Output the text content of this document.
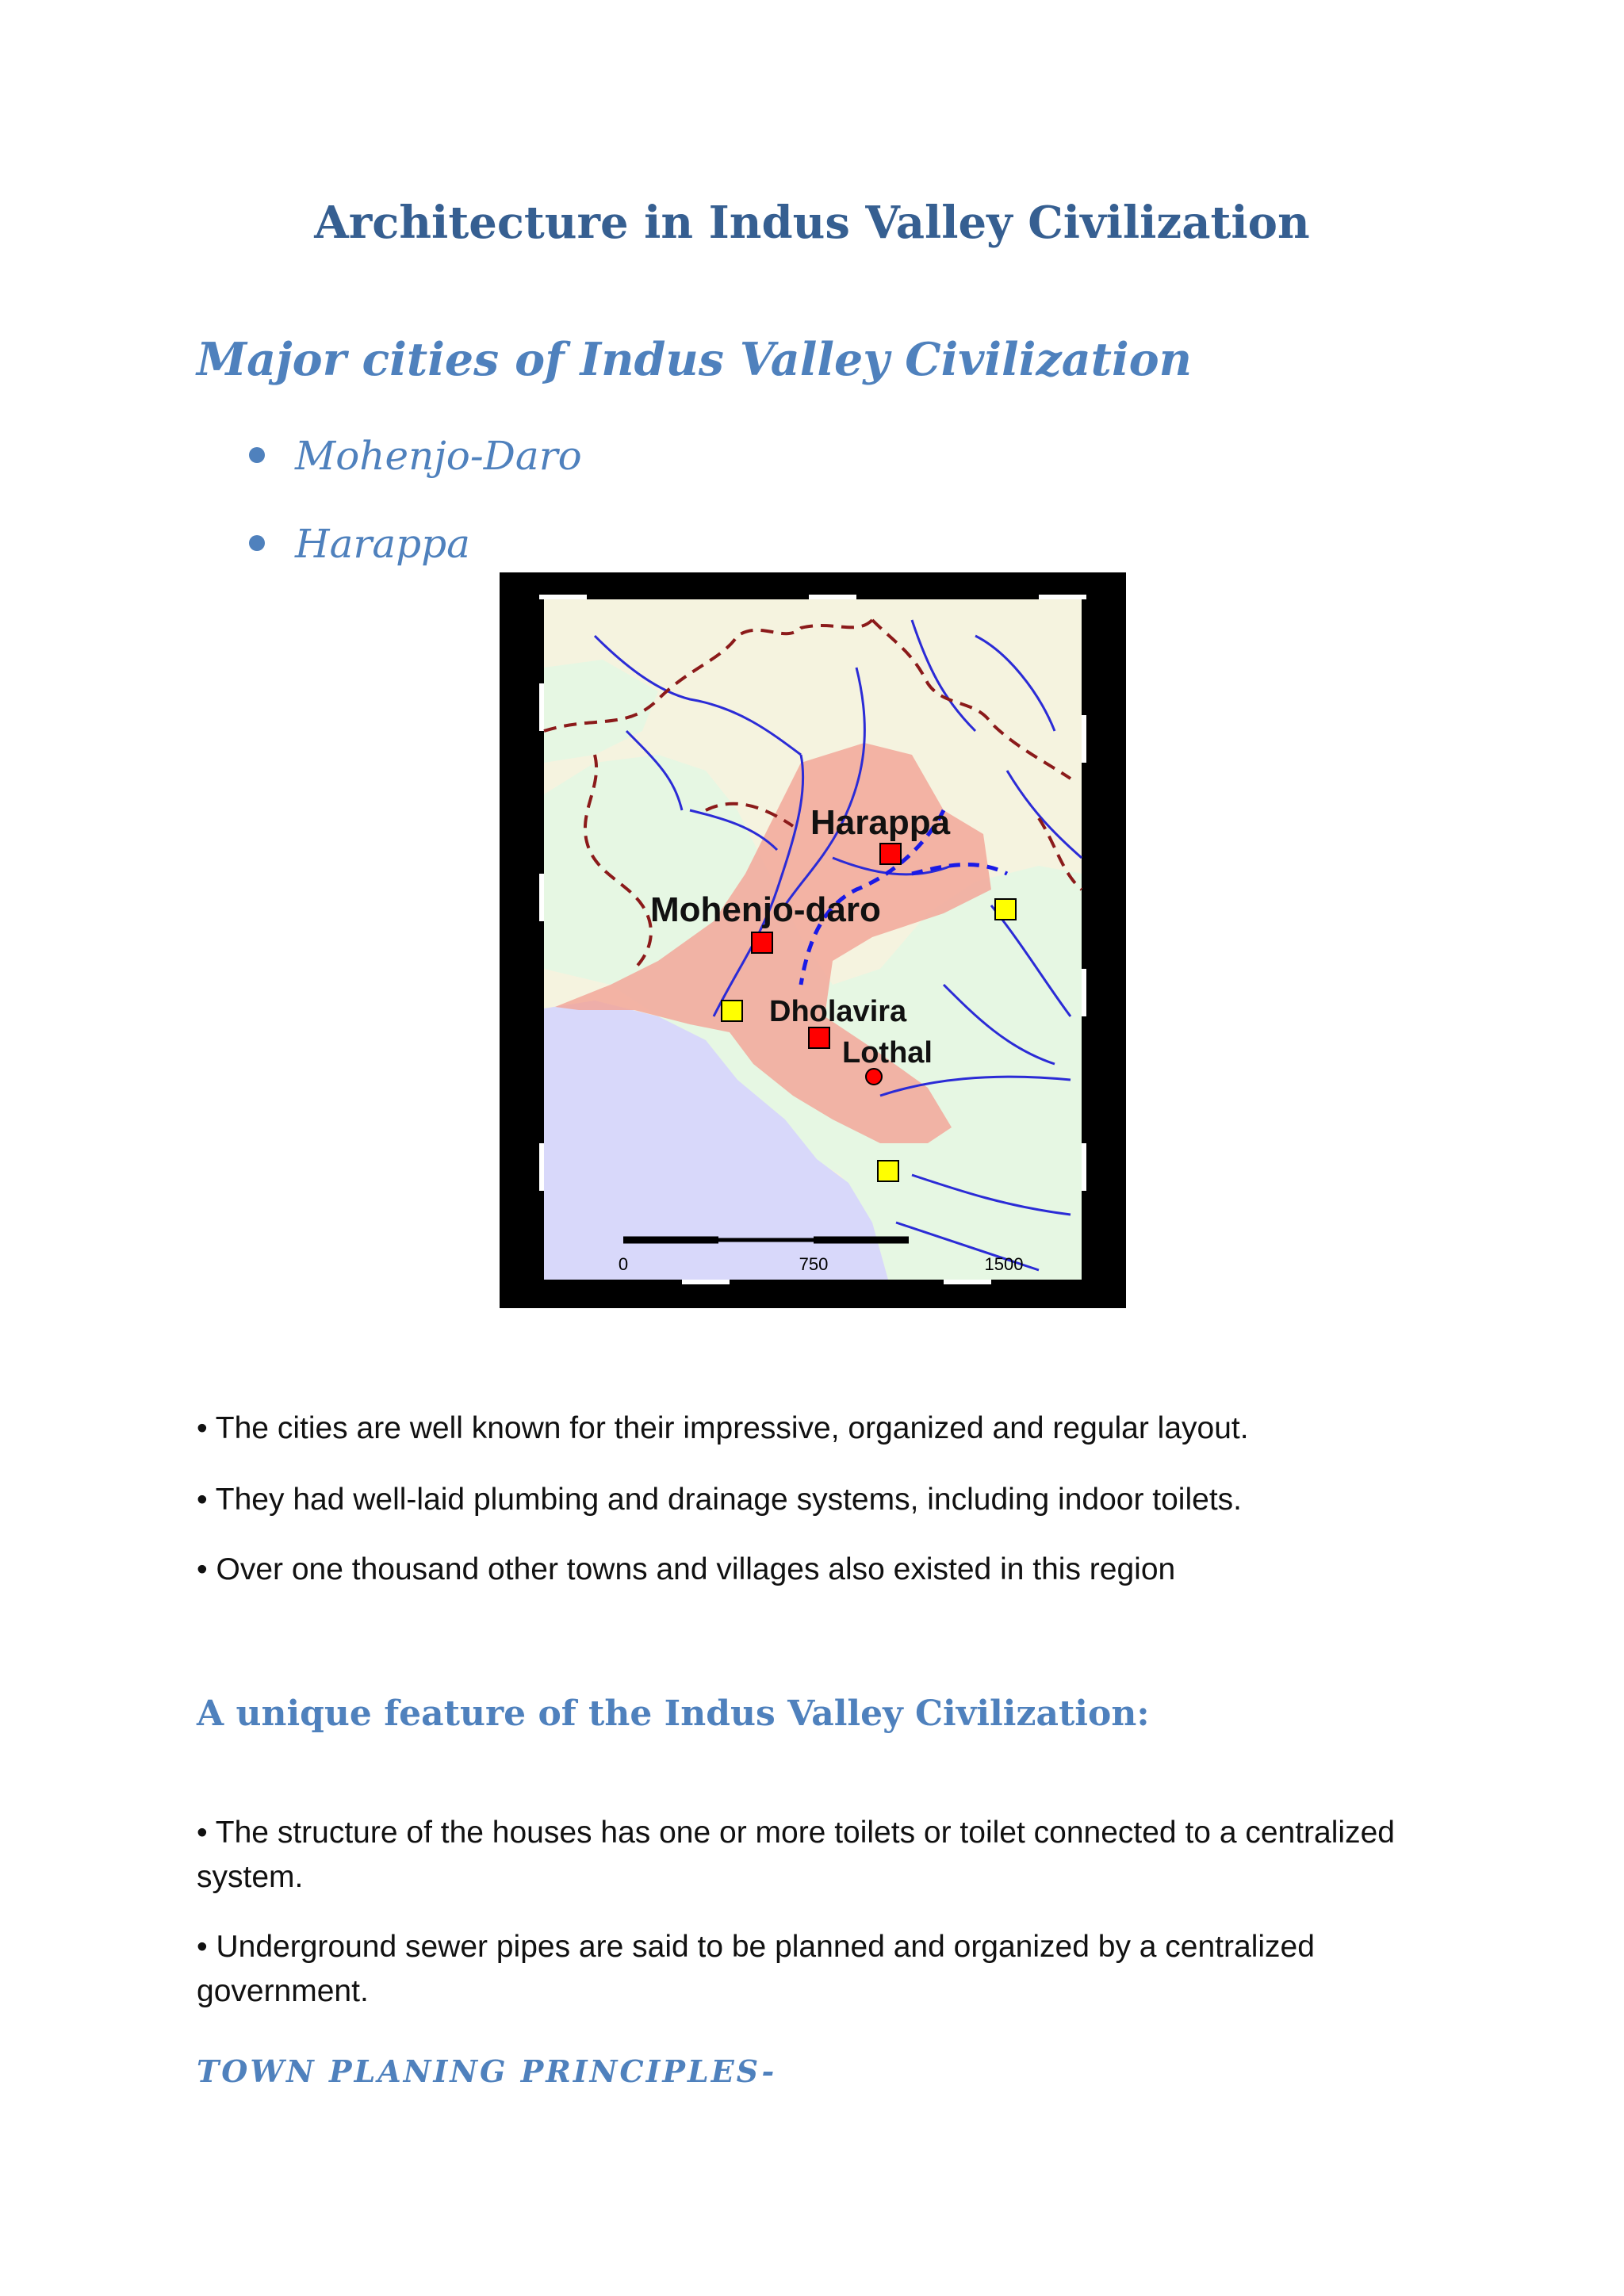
Architecture in Indus Valley Civilization
Major cities of Indus Valley Civilization
Mohenjo-Daro
Harappa
0	750	1500
Harappa
Mohenjo-daro
Dholavira
Lothal

• The cities are well known for their impressive, organized and regular layout.

• They had well-laid plumbing and drainage systems, including indoor toilets.

• Over one thousand other towns and villages also existed in this region

A unique feature of the Indus Valley Civilization:

• The structure of the houses has one or more toilets or toilet connected to a centralized system.

• Underground sewer pipes are said to be planned and organized by a centralized government.

TOWN PLANING PRINCIPLES-
